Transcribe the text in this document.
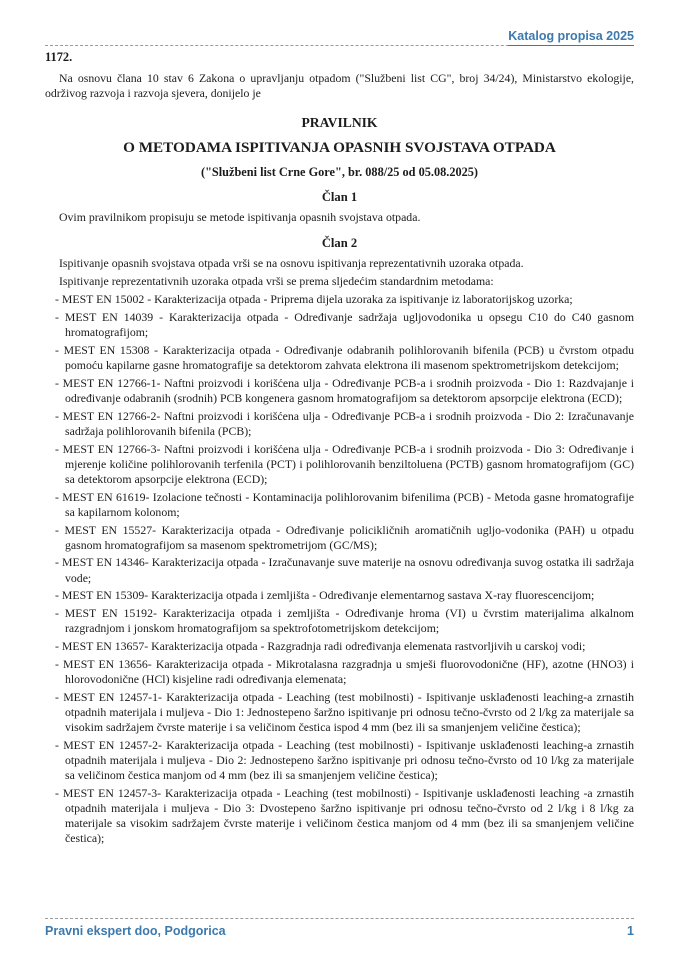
Katalog propisa 2025

1172.

Na osnovu člana 10 stav 6 Zakona o upravljanju otpadom ("Službeni list CG", broj 34/24), Ministarstvo ekologije, održivog razvoja i razvoja sjevera, donijelo je

PRAVILNIK
O METODAMA ISPITIVANJA OPASNIH SVOJSTAVA OTPADA

("Službeni list Crne Gore", br. 088/25 od 05.08.2025)

Član 1

Ovim pravilnikom propisuju se metode ispitivanja opasnih svojstava otpada.

Član 2

Ispitivanje opasnih svojstava otpada vrši se na osnovu ispitivanja reprezentativnih uzoraka otpada.

Ispitivanje reprezentativnih uzoraka otpada vrši se prema sljedećim standardnim metodama:

- MEST EN 15002 - Karakterizacija otpada - Priprema dijela uzoraka za ispitivanje iz laboratorijskog uzorka;

- MEST EN 14039 - Karakterizacija otpada - Određivanje sadržaja ugljovodonika u opsegu C10 do C40 gasnom hromatografijom;

- MEST EN 15308 - Karakterizacija otpada - Određivanje odabranih polihlorovanih bifenila (PCB) u čvrstom otpadu pomoću kapilarne gasne hromatografije sa detektorom zahvata elektrona ili masenom spektrometrijskom detekcijom;

- MEST EN 12766-1- Naftni proizvodi i korišćena ulja - Određivanje PCB-a i srodnih proizvoda - Dio 1: Razdvajanje i određivanje odabranih (srodnih) PCB kongenera gasnom hromatografijom sa detektorom apsorpcije elektrona (ECD);

- MEST EN 12766-2- Naftni proizvodi i korišćena ulja - Određivanje PCB-a i srodnih proizvoda - Dio 2: Izračunavanje sadržaja polihlorovanih bifenila (PCB);

- MEST EN 12766-3- Naftni proizvodi i korišćena ulja - Određivanje PCB-a i srodnih proizvoda - Dio 3: Određivanje i mjerenje količine polihlorovanih terfenila (PCT) i polihlorovanih benziltoluena (PCTB) gasnom hromatografijom (GC) sa detektorom apsorpcije elektrona (ECD);

- MEST EN 61619- Izolacione tečnosti - Kontaminacija polihlorovanim bifenilima (PCB) - Metoda gasne hromatografije sa kapilarnom kolonom;

- MEST EN 15527- Karakterizacija otpada - Određivanje policikličnih aromatičnih ugljo-vodonika (PAH) u otpadu gasnom hromatografijom sa masenom spektrometrijom (GC/MS);

- MEST EN 14346- Karakterizacija otpada - Izračunavanje suve materije na osnovu određivanja suvog ostatka ili sadržaja vode;

- MEST EN 15309- Karakterizacija otpada i zemljišta - Određivanje elementarnog sastava X-ray fluorescencijom;

- MEST EN 15192- Karakterizacija otpada i zemljišta - Određivanje hroma (VI) u čvrstim materijalima alkalnom razgradnjom i jonskom hromatografijom sa spektrofotometrijskom detekcijom;

- MEST EN 13657- Karakterizacija otpada - Razgradnja radi određivanja elemenata rastvorljivih u carskoj vodi;

- MEST EN 13656- Karakterizacija otpada - Mikrotalasna razgradnja u smješi fluorovodonične (HF), azotne (HNO3) i hlorovodonične (HCl) kisjeline radi određivanja elemenata;

- MEST EN 12457-1- Karakterizacija otpada - Leaching (test mobilnosti) - Ispitivanje usklađenosti leaching-a zrnastih otpadnih materijala i muljeva - Dio 1: Jednostepeno šaržno ispitivanje pri odnosu tečno-čvrsto od 2 l/kg za materijale sa visokim sadržajem čvrste materije i sa veličinom čestica ispod 4 mm (bez ili sa smanjenjem veličine čestica);

- MEST EN 12457-2- Karakterizacija otpada - Leaching (test mobilnosti) - Ispitivanje usklađenosti leaching-a zrnastih otpadnih materijala i muljeva - Dio 2: Jednostepeno šaržno ispitivanje pri odnosu tečno-čvrsto od 10 l/kg za materijale sa veličinom čestica manjom od 4 mm (bez ili sa smanjenjem veličine čestica);

- MEST EN 12457-3- Karakterizacija otpada - Leaching (test mobilnosti) - Ispitivanje usklađenosti leaching -a zrnastih otpadnih materijala i muljeva - Dio 3: Dvostepeno šaržno ispitivanje pri odnosu tečno-čvrsto od 2 l/kg i 8 l/kg za materijale sa visokim sadržajem čvrste materije i veličinom čestica manjom od 4 mm (bez ili sa smanjenjem veličine čestica);

Pravni ekspert doo, Podgorica	1
